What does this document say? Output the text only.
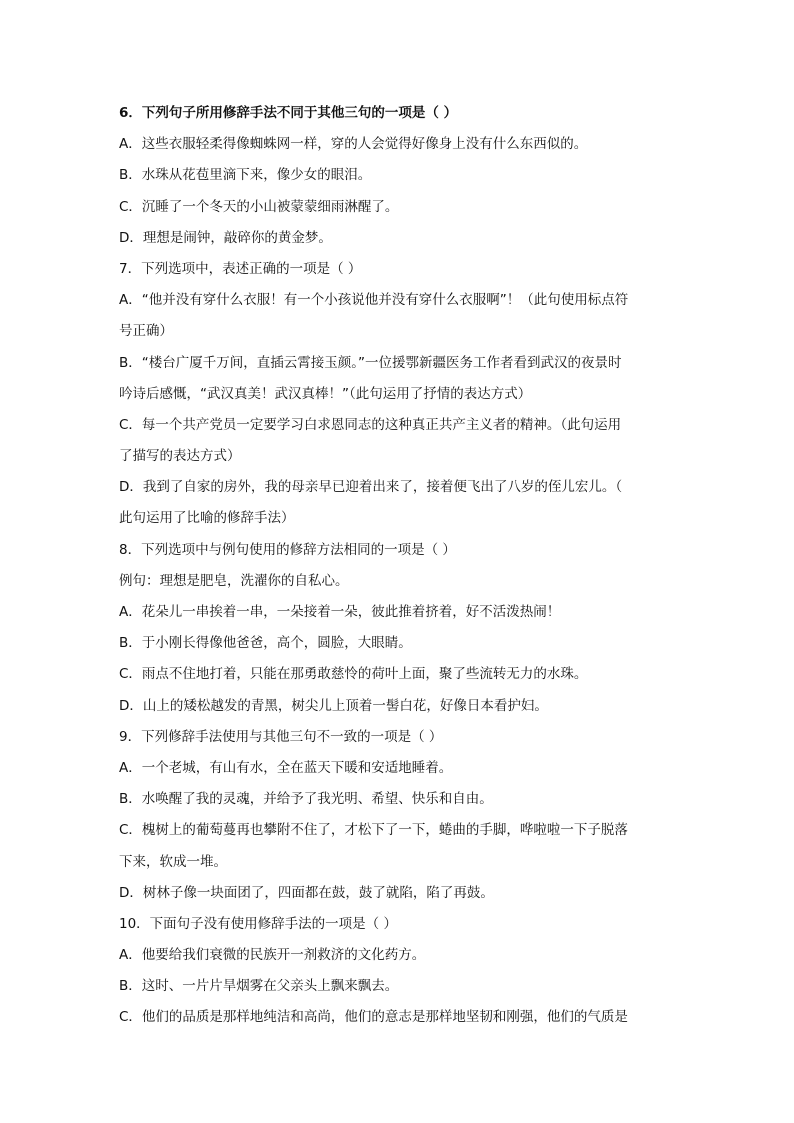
6．下列句子所用修辞手法不同于其他三句的一项是（ ）
A．这些衣服轻柔得像蜘蛛网一样，穿的人会觉得好像身上没有什么东西似的。
B．水珠从花苞里滴下来，像少女的眼泪。
C．沉睡了一个冬天的小山被蒙蒙细雨淋醒了。
D．理想是闹钟，敲碎你的黄金梦。
7．下列选项中，表述正确的一项是（ ）
A．“他并没有穿什么衣服！有一个小孩说他并没有穿什么衣服啊”！（此句使用标点符
号正确）
B．“楼台广厦千万间，直插云霄接玉颜。”一位援鄂新疆医务工作者看到武汉的夜景时
吟诗后感慨，“武汉真美！武汉真棒！”（此句运用了抒情的表达方式）
C．每一个共产党员一定要学习白求恩同志的这种真正共产主义者的精神。（此句运用
了描写的表达方式）
D．我到了自家的房外，我的母亲早已迎着出来了，接着便飞出了八岁的侄儿宏儿。（
此句运用了比喻的修辞手法）
8．下列选项中与例句使用的修辞方法相同的一项是（ ）
例句：理想是肥皂，洗濯你的自私心。
A．花朵儿一串挨着一串，一朵接着一朵，彼此推着挤着，好不活泼热闹！
B．于小刚长得像他爸爸，高个，圆脸，大眼睛。
C．雨点不住地打着，只能在那勇敢慈怜的荷叶上面，聚了些流转无力的水珠。
D．山上的矮松越发的青黑，树尖儿上顶着一髻白花，好像日本看护妇。
9．下列修辞手法使用与其他三句不一致的一项是（ ）
A．一个老城，有山有水，全在蓝天下暖和安适地睡着。
B．水唤醒了我的灵魂，并给予了我光明、希望、快乐和自由。
C．槐树上的葡萄蔓再也攀附不住了，才松下了一下，蜷曲的手脚，哗啦啦一下子脱落
下来，软成一堆。
D．树林子像一块面团了，四面都在鼓，鼓了就陷，陷了再鼓。
10．下面句子没有使用修辞手法的一项是（ ）
A．他要给我们衰微的民族开一剂救济的文化药方。
B．这时、一片片旱烟雾在父亲头上飘来飘去。
C．他们的品质是那样地纯洁和高尚，他们的意志是那样地坚韧和刚强，他们的气质是
